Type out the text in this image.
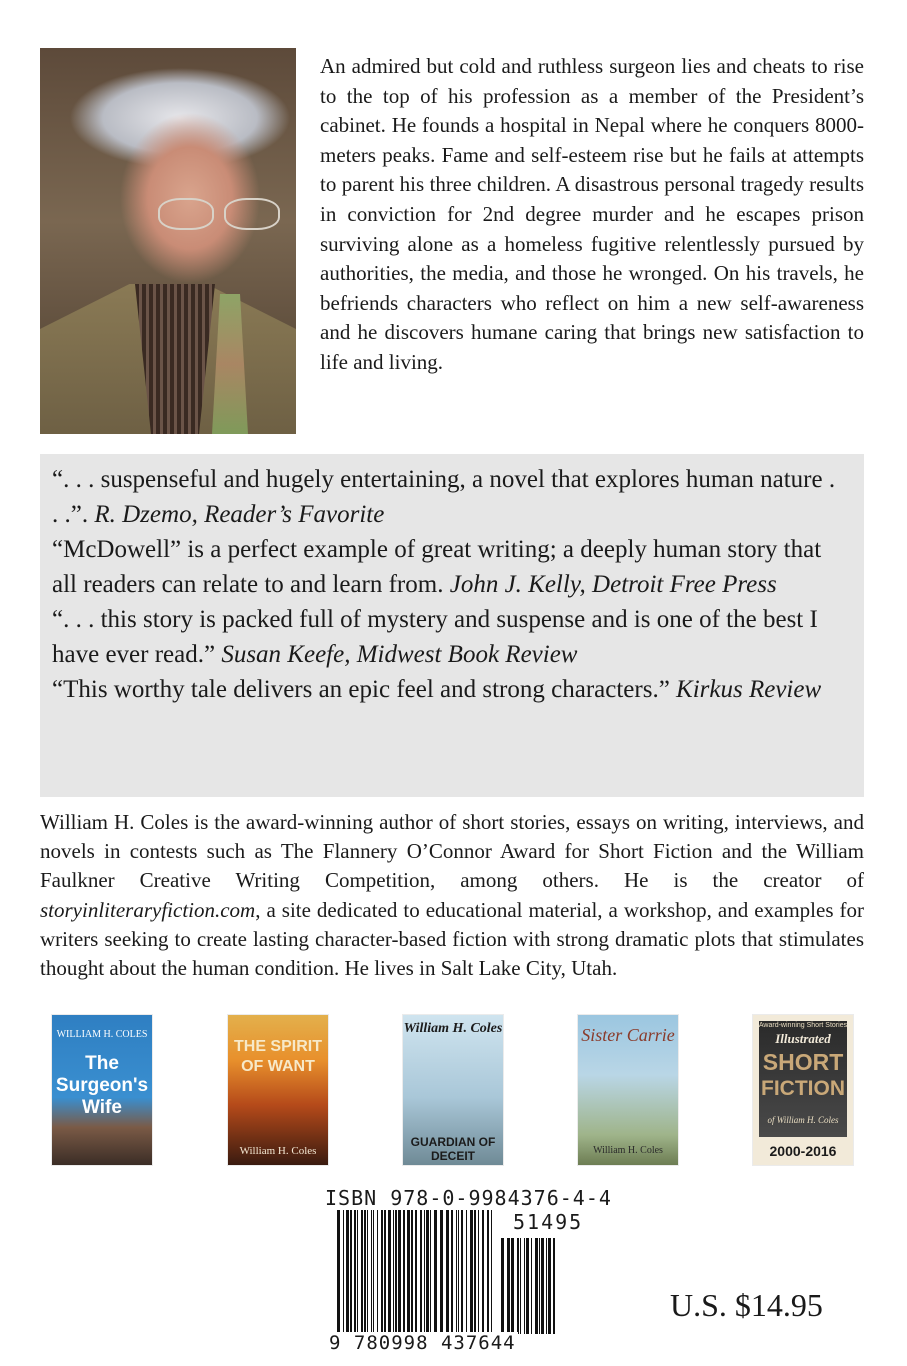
An admired but cold and ruthless surgeon lies and cheats to rise to the top of his profession as a member of the President’s cabinet. He founds a hospital in Nepal where he conquers 8000-meters peaks. Fame and self-esteem rise but he fails at attempts to parent his three children. A disastrous personal tragedy results in conviction for 2nd degree murder and he escapes prison surviving alone as a homeless fugitive relentlessly pursued by authorities, the media, and those he wronged. On his travels, he befriends characters who reflect on him a new self-awareness and he discovers humane caring that brings new satisfaction to life and living.

“. . . suspenseful and hugely entertaining, a novel that explores human nature . . .”. R. Dzemo, Reader’s Favorite

“McDowell” is a perfect example of great writing; a deeply human story that all readers can relate to and learn from. John J. Kelly, Detroit Free Press

“. . . this story is packed full of mystery and suspense and is one of the best I have ever read.” Susan Keefe, Midwest Book Review

“This worthy tale delivers an epic feel and strong characters.” Kirkus Review

William H. Coles is the award-winning author of short stories, essays on writing, interviews, and novels in contests such as The Flannery O’Connor Award for Short Fiction and the William Faulkner Creative Writing Competition, among others. He is the creator of storyinliteraryfiction.com, a site dedicated to educational material, a workshop, and examples for writers seeking to create lasting character-based fiction with strong dramatic plots that stimulates thought about the human condition. He lives in Salt Lake City, Utah.

WILLIAM H. COLES
The Surgeon's Wife
THE SPIRIT OF WANT
William H. Coles
William H. Coles
GUARDIAN OF DECEIT
Sister Carrie
William H. Coles
Award-winning Short Stories
Illustrated
SHORT
FICTION
of William H. Coles
2000-2016
ISBN 978-0-9984376-4-4
51495
9 780998 437644
U.S. $14.95
